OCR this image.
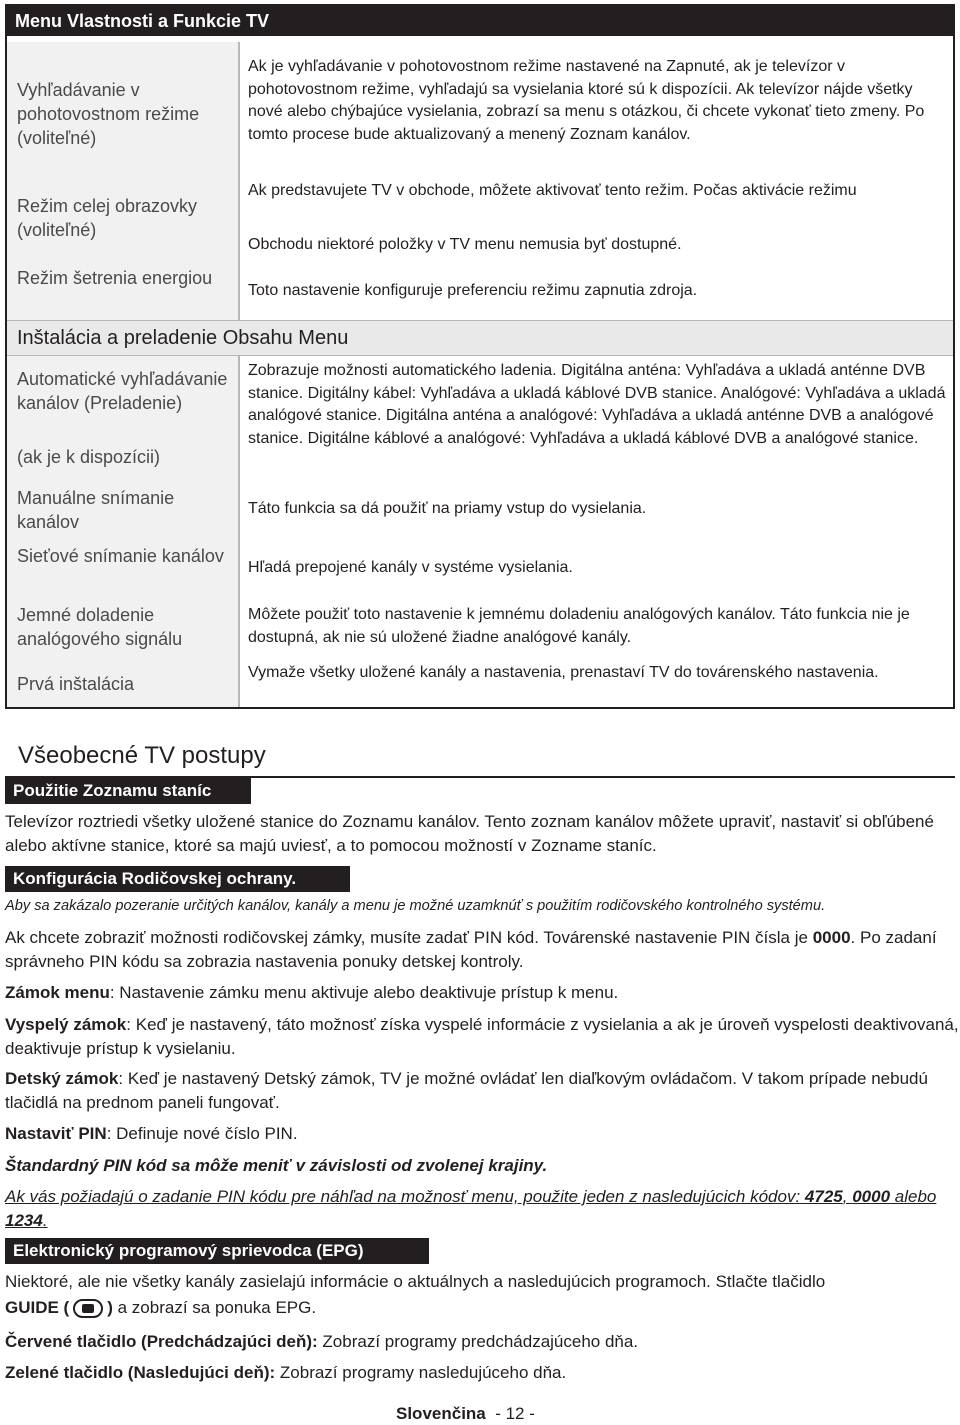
Menu Vlastnosti a Funkcie TV
Vyhľadávanie v pohotovostnom režime (voliteľné)
Ak je vyhľadávanie v pohotovostnom režime nastavené na Zapnuté, ak je televízor v pohotovostnom režime, vyhľadajú sa vysielania ktoré sú k dispozícii. Ak televízor nájde všetky nové alebo chýbajúce vysielania, zobrazí sa menu s otázkou, či chcete vykonať tieto zmeny. Po tomto procese bude aktualizovaný a menený Zoznam kanálov.
Režim celej obrazovky (voliteľné)
Ak predstavujete TV v obchode, môžete aktivovať tento režim. Počas aktivácie režimu
Obchodu niektoré položky v TV menu nemusia byť dostupné.
Režim šetrenia energiou
Toto nastavenie konfiguruje preferenciu režimu zapnutia zdroja.
Inštalácia a preladenie Obsahu Menu
Automatické vyhľadávanie kanálov (Preladenie)
(ak je k dispozícii)
Zobrazuje možnosti automatického ladenia. Digitálna anténa: Vyhľadáva a ukladá anténne DVB stanice. Digitálny kábel: Vyhľadáva a ukladá káblové DVB stanice. Analógové: Vyhľadáva a ukladá analógové stanice. Digitálna anténa a analógové: Vyhľadáva a ukladá anténne DVB a analógové stanice. Digitálne káblové a analógové: Vyhľadáva a ukladá káblové DVB a analógové stanice.
Manuálne snímanie kanálov
Táto funkcia sa dá použiť na priamy vstup do vysielania.
Sieťové snímanie kanálov
Hľadá prepojené kanály v systéme vysielania.
Jemné doladenie analógového signálu
Môžete použiť toto nastavenie k jemnému doladeniu analógových kanálov. Táto funkcia nie je dostupná, ak nie sú uložené žiadne analógové kanály.
Prvá inštalácia
Vymaže všetky uložené kanály a nastavenia, prenastaví TV do továrenského nastavenia.
Všeobecné TV postupy
Použitie Zoznamu staníc
Televízor roztriedi všetky uložené stanice do Zoznamu kanálov. Tento zoznam kanálov môžete upraviť, nastaviť si obľúbené alebo aktívne stanice, ktoré sa majú uviesť, a to pomocou možností v Zozname staníc.
Konfigurácia Rodičovskej ochrany.
Aby sa zakázalo pozeranie určitých kanálov, kanály a menu je možné uzamknúť s použitím rodičovského kontrolného systému.
Ak chcete zobraziť možnosti rodičovskej zámky, musíte zadať PIN kód. Továrenské nastavenie PIN čísla je 0000. Po zadaní správneho PIN kódu sa zobrazia nastavenia ponuky detskej kontroly.
Zámok menu: Nastavenie zámku menu aktivuje alebo deaktivuje prístup k menu.
Vyspelý zámok: Keď je nastavený, táto možnosť získa vyspelé informácie z vysielania a ak je úroveň vyspelosti deaktivovaná, deaktivuje prístup k vysielaniu.
Detský zámok: Keď je nastavený Detský zámok, TV je možné ovládať len diaľkovým ovládačom. V takom prípade nebudú tlačidlá na prednom paneli fungovať.
Nastaviť PIN: Definuje nové číslo PIN.
Štandardný PIN kód sa môže meniť v závislosti od zvolenej krajiny.
Ak vás požiadajú o zadanie PIN kódu pre náhľad na možnosť menu, použite jeden z nasledujúcich kódov: 4725, 0000 alebo 1234.
Elektronický programový sprievodca (EPG)
Niektoré, ale nie všetky kanály zasielajú informácie o aktuálnych a nasledujúcich programoch. Stlačte tlačidlo
GUIDE ( ) a zobrazí sa ponuka EPG.
Červené tlačidlo (Predchádzajúci deň): Zobrazí programy predchádzajúceho dňa.
Zelené tlačidlo (Nasledujúci deň): Zobrazí programy nasledujúceho dňa.
Slovenčina - 12 -
